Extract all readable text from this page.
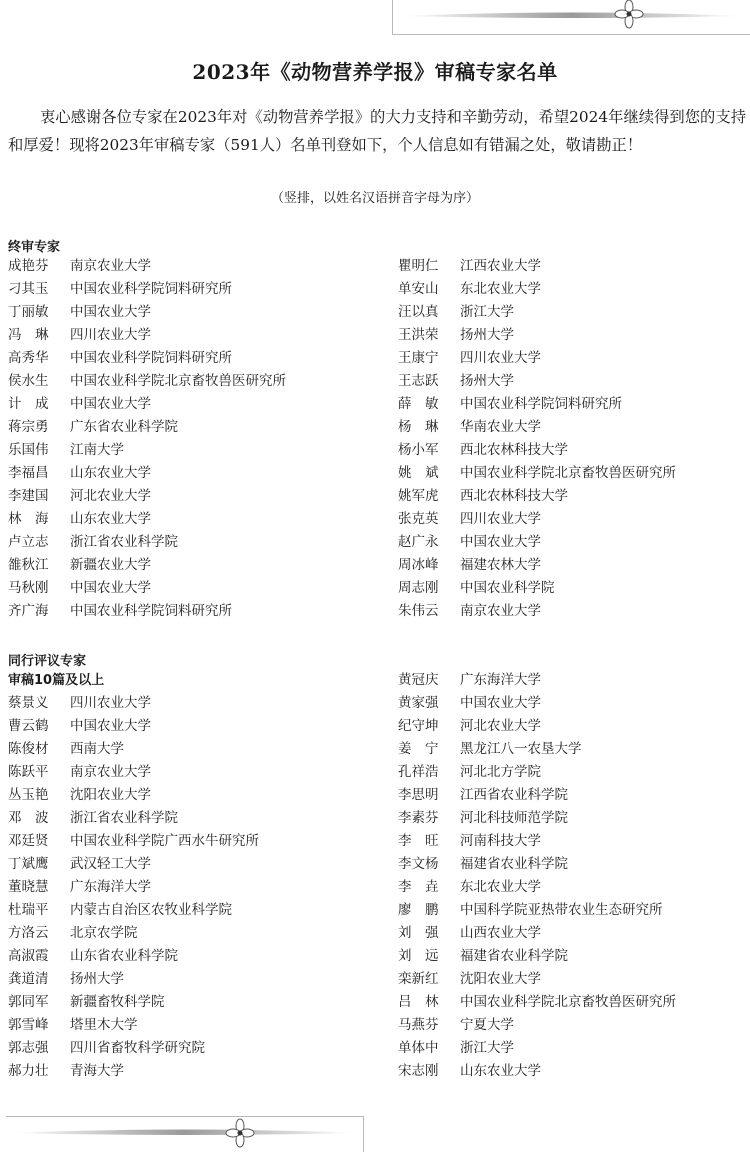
2023年《动物营养学报》审稿专家名单

衷心感谢各位专家在2023年对《动物营养学报》的大力支持和辛勤劳动，希望2024年继续得到您的支持和厚爱！现将2023年审稿专家（591人）名单刊登如下，个人信息如有错漏之处，敬请勘正！

（竖排，以姓名汉语拼音字母为序）

终审专家
成艳芬 南京农业大学
刁其玉 中国农业科学院饲料研究所
丁丽敏 中国农业大学
冯　琳 四川农业大学
高秀华 中国农业科学院饲料研究所
侯水生 中国农业科学院北京畜牧兽医研究所
计　成 中国农业大学
蒋宗勇 广东省农业科学院
乐国伟 江南大学
李福昌 山东农业大学
李建国 河北农业大学
林　海 山东农业大学
卢立志 浙江省农业科学院
雒秋江 新疆农业大学
马秋刚 中国农业大学
齐广海 中国农业科学院饲料研究所
瞿明仁 江西农业大学
单安山 东北农业大学
汪以真 浙江大学
王洪荣 扬州大学
王康宁 四川农业大学
王志跃 扬州大学
薛　敏 中国农业科学院饲料研究所
杨　琳 华南农业大学
杨小军 西北农林科技大学
姚　斌 中国农业科学院北京畜牧兽医研究所
姚军虎 西北农林科技大学
张克英 四川农业大学
赵广永 中国农业大学
周冰峰 福建农林大学
周志刚 中国农业科学院
朱伟云 南京农业大学
同行评议专家
审稿10篇及以上
蔡景义 四川农业大学
曹云鹤 中国农业大学
陈俊材 西南大学
陈跃平 南京农业大学
丛玉艳 沈阳农业大学
邓　波 浙江省农业科学院
邓廷贤 中国农业科学院广西水牛研究所
丁斌鹰 武汉轻工大学
董晓慧 广东海洋大学
杜瑞平 内蒙古自治区农牧业科学院
方洛云 北京农学院
高淑霞 山东省农业科学院
龚道清 扬州大学
郭同军 新疆畜牧科学院
郭雪峰 塔里木大学
郭志强 四川省畜牧科学研究院
郝力壮 青海大学
黄冠庆 广东海洋大学
黄家强 中国农业大学
纪守坤 河北农业大学
姜　宁 黑龙江八一农垦大学
孔祥浩 河北北方学院
李思明 江西省农业科学院
李素芬 河北科技师范学院
李　旺 河南科技大学
李文杨 福建省农业科学院
李　垚 东北农业大学
廖　鹏 中国科学院亚热带农业生态研究所
刘　强 山西农业大学
刘　远 福建省农业科学院
栾新红 沈阳农业大学
吕　林 中国农业科学院北京畜牧兽医研究所
马燕芬 宁夏大学
单体中 浙江大学
宋志刚 山东农业大学
